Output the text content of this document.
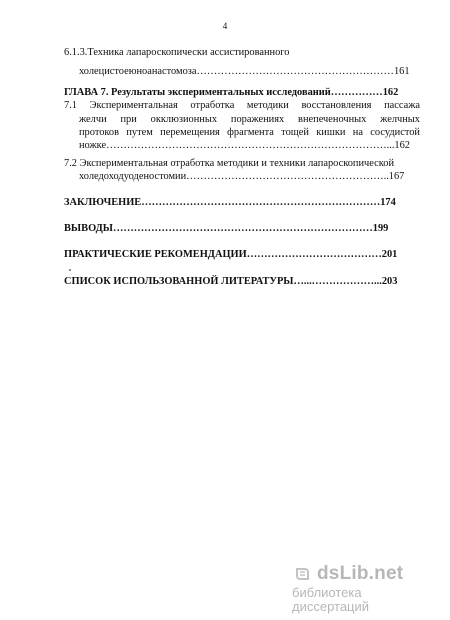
4
6.1.3.Техника лапароскопически ассистированного
холецистоеюноанастомоза…………………………………………………161
ГЛАВА 7. Результаты экспериментальных исследований……………162
7.1 Экспериментальная отработка методики восстановления пассажа
желчи при окклюзионных поражениях внепеченочных желчных
протоков путем перемещения фрагмента тощей кишки на сосудистой
ножке………………………………………………………………………...162
7.2 Экспериментальная отработка методики и техники лапароскопической
холедоходуоденостомии…………………………………………………..167
ЗАКЛЮЧЕНИЕ……………………………………………………………174
ВЫВОДЫ…………………………………………………………………199
ПРАКТИЧЕСКИЕ РЕКОМЕНДАЦИИ…………………………………201
СПИСОК ИСПОЛЬЗОВАННОЙ ЛИТЕРАТУРЫ…...………………...203
dsLib.net
библиотека диссертаций
